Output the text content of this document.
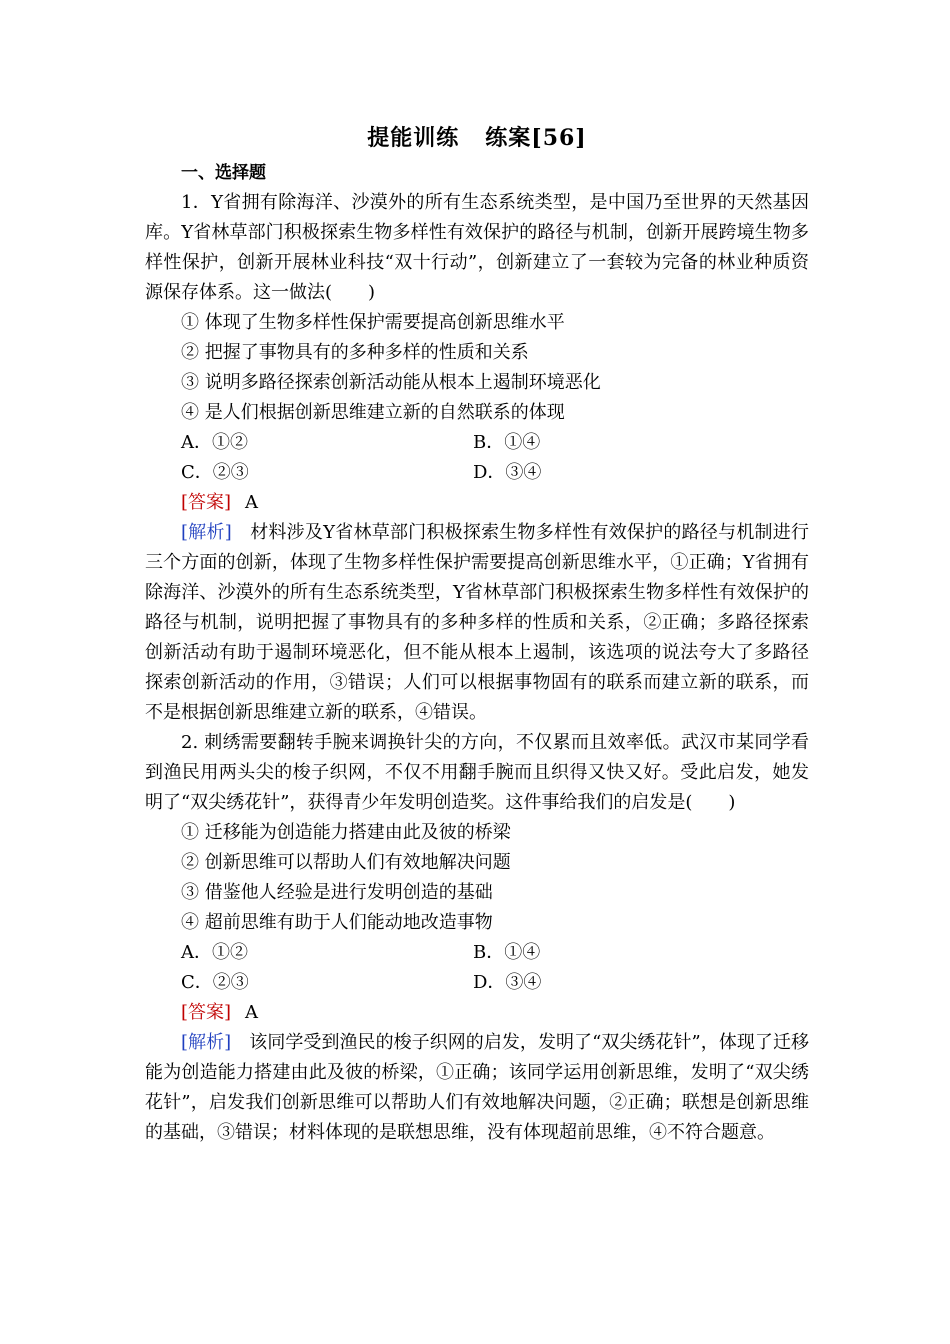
提能训练 练案[56]
一、选择题

1．Y省拥有除海洋、沙漠外的所有生态系统类型，是中国乃至世界的天然基因库。Y省林草部门积极探索生物多样性有效保护的路径与机制，创新开展跨境生物多样性保护，创新开展林业科技“双十行动”，创新建立了一套较为完备的林业种质资源保存体系。这一做法(　　)

① 体现了生物多样性保护需要提高创新思维水平

② 把握了事物具有的多种多样的性质和关系

③ 说明多路径探索创新活动能从根本上遏制环境恶化

④ 是人们根据创新思维建立新的自然联系的体现

A．①②	B．①④
C．②③	D．③④

[答案] A

[解析]　 材料涉及Y省林草部门积极探索生物多样性有效保护的路径与机制进行三个方面的创新，体现了生物多样性保护需要提高创新思维水平，①正确；Y省拥有除海洋、沙漠外的所有生态系统类型，Y省林草部门积极探索生物多样性有效保护的路径与机制，说明把握了事物具有的多种多样的性质和关系，②正确；多路径探索创新活动有助于遏制环境恶化，但不能从根本上遏制，该选项的说法夸大了多路径探索创新活动的作用，③错误；人们可以根据事物固有的联系而建立新的联系，而不是根据创新思维建立新的联系，④错误。

2. 刺绣需要翻转手腕来调换针尖的方向，不仅累而且效率低。武汉市某同学看到渔民用两头尖的梭子织网，不仅不用翻手腕而且织得又快又好。受此启发，她发明了“双尖绣花针”，获得青少年发明创造奖。这件事给我们的启发是(　　)

① 迁移能为创造能力搭建由此及彼的桥梁

② 创新思维可以帮助人们有效地解决问题

③ 借鉴他人经验是进行发明创造的基础

④ 超前思维有助于人们能动地改造事物

A．①②	B．①④
C．②③	D．③④

[答案] A

[解析]　 该同学受到渔民的梭子织网的启发，发明了“双尖绣花针”，体现了迁移能为创造能力搭建由此及彼的桥梁，①正确；该同学运用创新思维，发明了“双尖绣花针”，启发我们创新思维可以帮助人们有效地解决问题，②正确；联想是创新思维的基础，③错误；材料体现的是联想思维，没有体现超前思维，④不符合题意。
